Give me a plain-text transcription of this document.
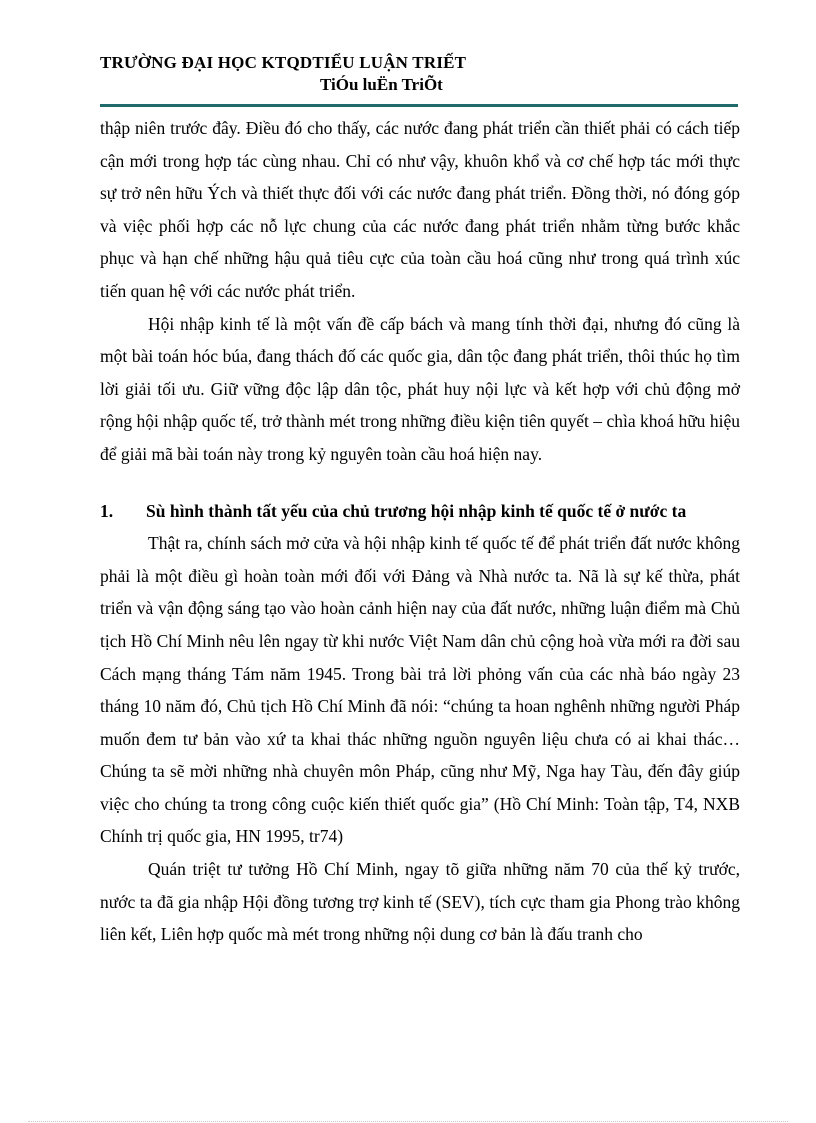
TRƯỜNG ĐẠI HỌC KTQDTIỂU LUẬN TRIẾT
TiÓu luËn TriÕt

thập niên trước đây. Điều đó cho thấy, các nước đang phát triển cần thiết phải có cách tiếp cận mới trong hợp tác cùng nhau. Chỉ có như vậy, khuôn khổ và cơ chế hợp tác mới thực sự trở nên hữu Ých và thiết thực đối với các nước đang phát triển. Đồng thời, nó đóng góp và việc phối hợp các nỗ lực chung của các nước đang phát triển nhằm từng bước khắc phục và hạn chế những hậu quả tiêu cực của toàn cầu hoá cũng như trong quá trình xúc tiến quan hệ với các nước phát triển.

Hội nhập kinh tế là một vấn đề cấp bách và mang tính thời đại, nhưng đó cũng là một bài toán hóc búa, đang thách đố các quốc gia, dân tộc đang phát triển, thôi thúc họ tìm lời giải tối ưu. Giữ vững độc lập dân tộc, phát huy nội lực và kết hợp với chủ động mở rộng hội nhập quốc tế, trở thành mét trong những điều kiện tiên quyết – chìa khoá hữu hiệu để giải mã bài toán này trong kỷ nguyên toàn cầu hoá hiện nay.

1.	Sù hình thành tất yếu của chủ trương hội nhập kinh tế quốc tế ở nước ta

Thật ra, chính sách mở cửa và hội nhập kinh tế quốc tế để phát triển đất nước không phải là một điều gì hoàn toàn mới đối với Đảng và Nhà nước ta. Nã là sự kế thừa, phát triển và vận động sáng tạo vào hoàn cảnh hiện nay của đất nước, những luận điểm mà Chủ tịch Hồ Chí Minh nêu lên ngay từ khi nước Việt Nam dân chủ cộng hoà vừa mới ra đời sau Cách mạng tháng Tám năm 1945. Trong bài trả lời phỏng vấn của các nhà báo ngày 23 tháng 10 năm đó, Chủ tịch Hồ Chí Minh đã nói: “chúng ta hoan nghênh những người Pháp muốn đem tư bản vào xứ ta khai thác những nguồn nguyên liệu chưa có ai khai thác…Chúng ta sẽ mời những nhà chuyên môn Pháp, cũng như Mỹ, Nga hay Tàu, đến đây giúp việc cho chúng ta trong công cuộc kiến thiết quốc gia” (Hồ Chí Minh: Toàn tập, T4, NXB Chính trị quốc gia, HN 1995, tr74)

Quán triệt tư tưởng Hồ Chí Minh, ngay tõ giữa những năm 70 của thế kỷ trước, nước ta đã gia nhập Hội đồng tương trợ kinh tế (SEV), tích cực tham gia Phong trào không liên kết, Liên hợp quốc mà mét trong những nội dung cơ bản là đấu tranh cho
